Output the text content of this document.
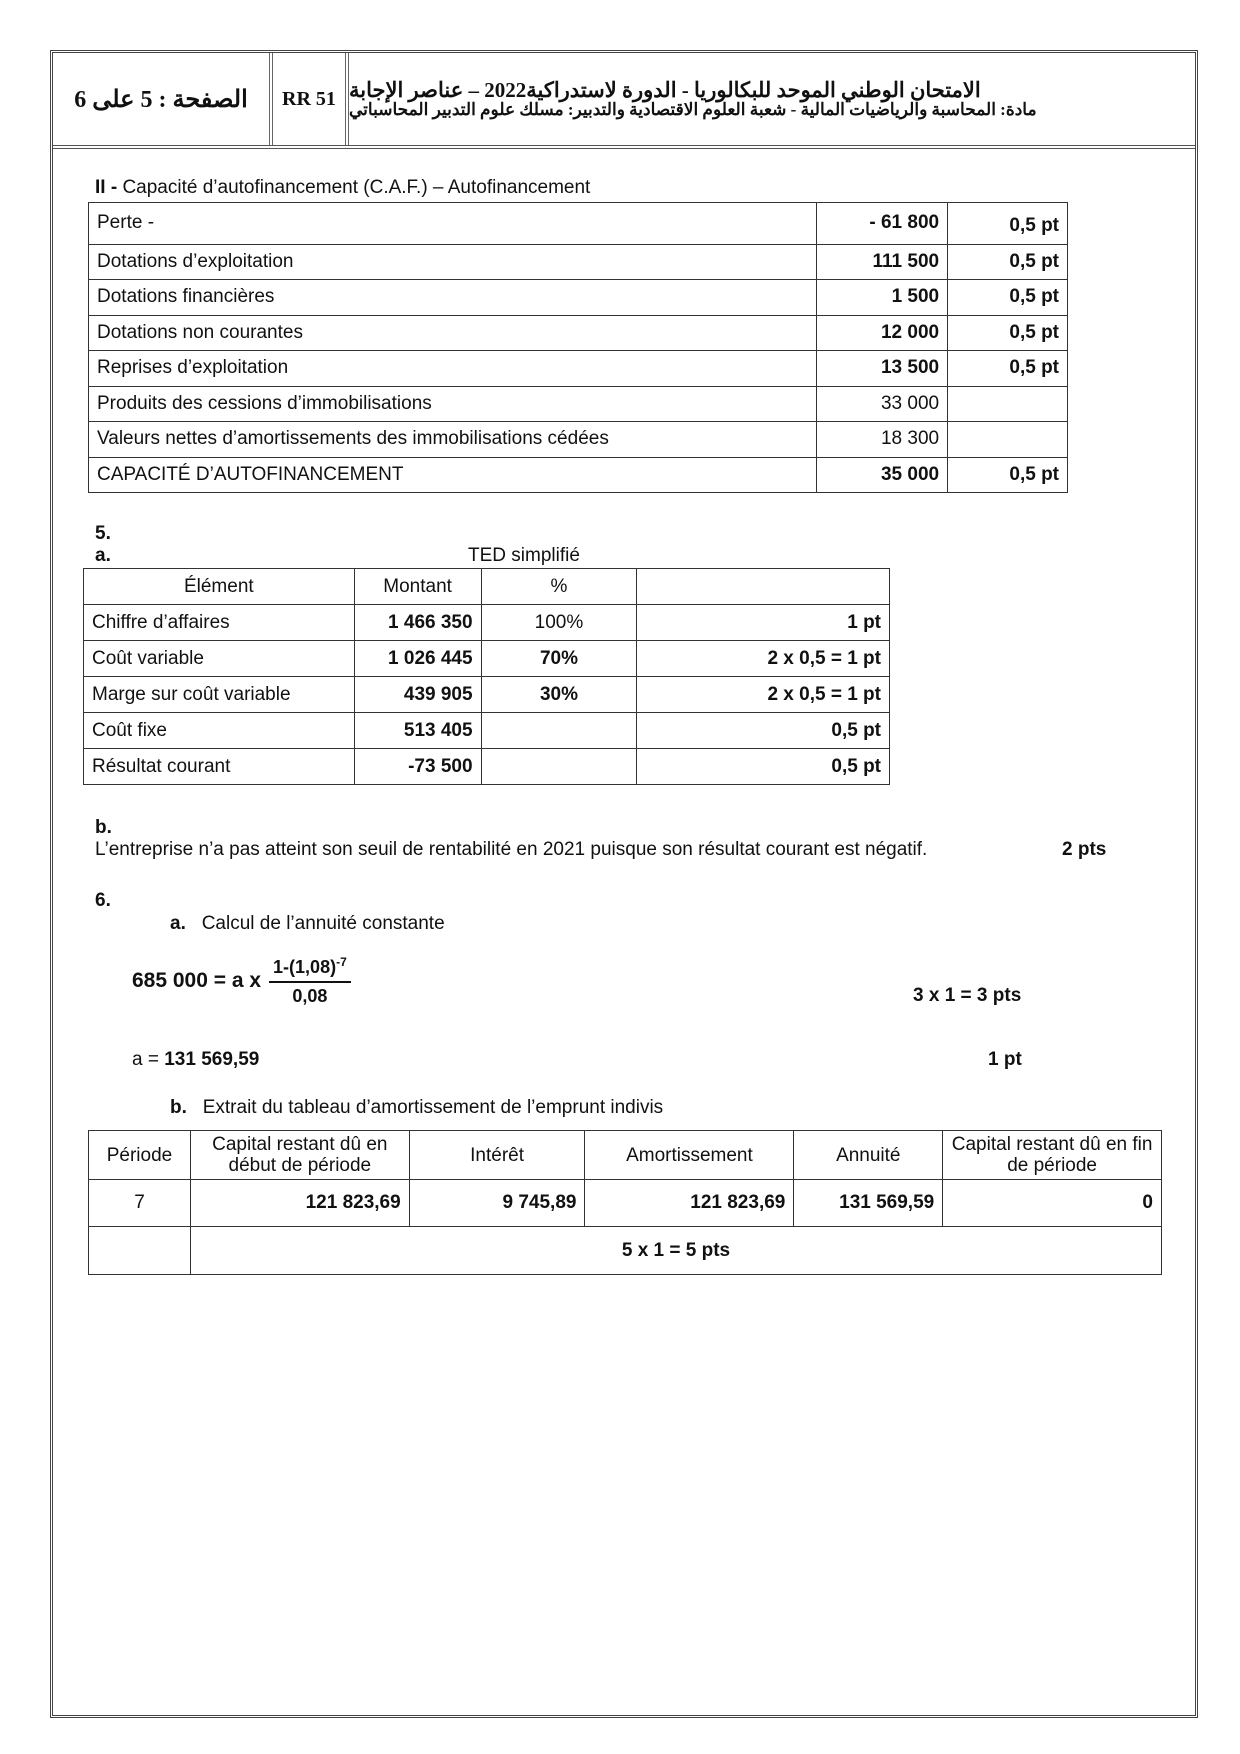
الصفحة : 5 على 6	RR 51 الامتحان الوطني الموحد للبكالوريا - الدورة لاستدراكية2022 – عناصر الإجابة
مادة: المحاسبة والرياضيات المالية - شعبة العلوم الاقتصادية والتدبير: مسلك علوم التدبير المحاسباتي
II - Capacité d’autofinancement (C.A.F.) – Autofinancement
Perte -	- 61 800	0,5 pt
Dotations d’exploitation	111 500	0,5 pt
Dotations financières	1 500	0,5 pt
Dotations non courantes	12 000	0,5 pt
Reprises d’exploitation	13 500	0,5 pt
Produits des cessions d’immobilisations	33 000	
Valeurs nettes d’amortissements des immobilisations cédées	18 300	
CAPACITÉ D’AUTOFINANCEMENT	35 000	0,5 pt
5.
a.	TED simplifié
Élément	Montant	%	
Chiffre d’affaires	1 466 350	100%	1 pt
Coût variable	1 026 445	70%	2 x 0,5 = 1 pt
Marge sur coût variable	439 905	30%	2 x 0,5 = 1 pt
Coût fixe	513 405		0,5 pt
Résultat courant	-73 500		0,5 pt
b.
L’entreprise n’a pas atteint son seuil de rentabilité en 2021 puisque son résultat courant est négatif.	2 pts
6.
a. Calcul de l’annuité constante
685 000 = a x $\frac{1-(1,08)^{-7}}{0,08}$	3 x 1 = 3 pts
a = 131 569,59	1 pt
b. Extrait du tableau d’amortissement de l’emprunt indivis
Période	Capital restant dû en début de période	Intérêt	Amortissement	Annuité	Capital restant dû en fin de période
7	121 823,69	9 745,89	121 823,69	131 569,59	0
	5 x 1 = 5 pts				
